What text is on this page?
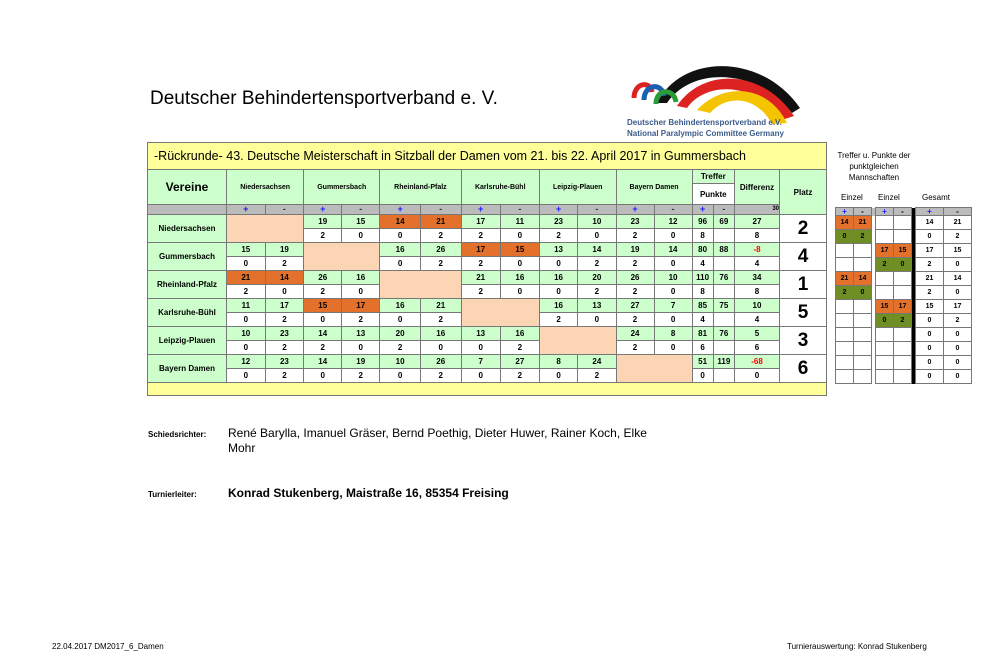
Deutscher Behindertensportverband e. V.
Deutscher Behindertensportverband e.V.
National Paralympic Committee Germany
-Rückrunde- 43. Deutsche Meisterschaft in Sitzball der Damen vom 21. bis 22. April 2017 in Gummersbach																
Vereine	Niedersachsen		Gummersbach		Rheinland-Pfalz		Karlsruhe-Bühl		Leipzig-Plauen		Bayern Damen		Treffer		Differenz	Platz
													Punkte			
	+	-	+	-	+	-	+	-	+	-	+	-	+	-	30	
Niedersachsen			19	15	14	21	17	11	23	10	23	12	96	69	27	2
			2	0	0	2	2	0	2	0	2	0	8		8	
Gummersbach	15	19			16	26	17	15	13	14	19	14	80	88	-8	4
	0	2			0	2	2	0	0	2	2	0	4		4	
Rheinland-Pfalz	21	14	26	16			21	16	16	20	26	10	110	76	34	1
	2	0	2	0			2	0	0	2	2	0	8		8	
Karlsruhe-Bühl	11	17	15	17	16	21			16	13	27	7	85	75	10	5
	0	2	0	2	0	2			2	0	2	0	4		4	
Leipzig-Plauen	10	23	14	13	20	16	13	16			24	8	81	76	5	3
	0	2	2	0	2	0	0	2			2	0	6		6	
Bayern Damen	12	23	14	19	10	26	7	27	8	24			51	119	-68	6
	0	2	0	2	0	2	0	2	0	2			0		0	

Treffer u. Punkte der punktgleichen Mannschaften
Einzel Einzel	Gesamt
+	-		+	-		+	-
14	21					14	21
0	2					0	2
			17	15		17	15
			2	0		2	0
21	14					21	14
2	0					2	0
			15	17		15	17
			0	2		0	2
						0	0
						0	0
						0	0
						0	0
Schiedsrichter: René Barylla, Imanuel Gräser, Bernd Poethig, Dieter Huwer, Rainer Koch, Elke Mohr
Turnierleiter:	Konrad Stukenberg, Maistraße 16, 85354 Freising
22.04.2017 DM2017_6_Damen	Turnierauswertung: Konrad Stukenberg
